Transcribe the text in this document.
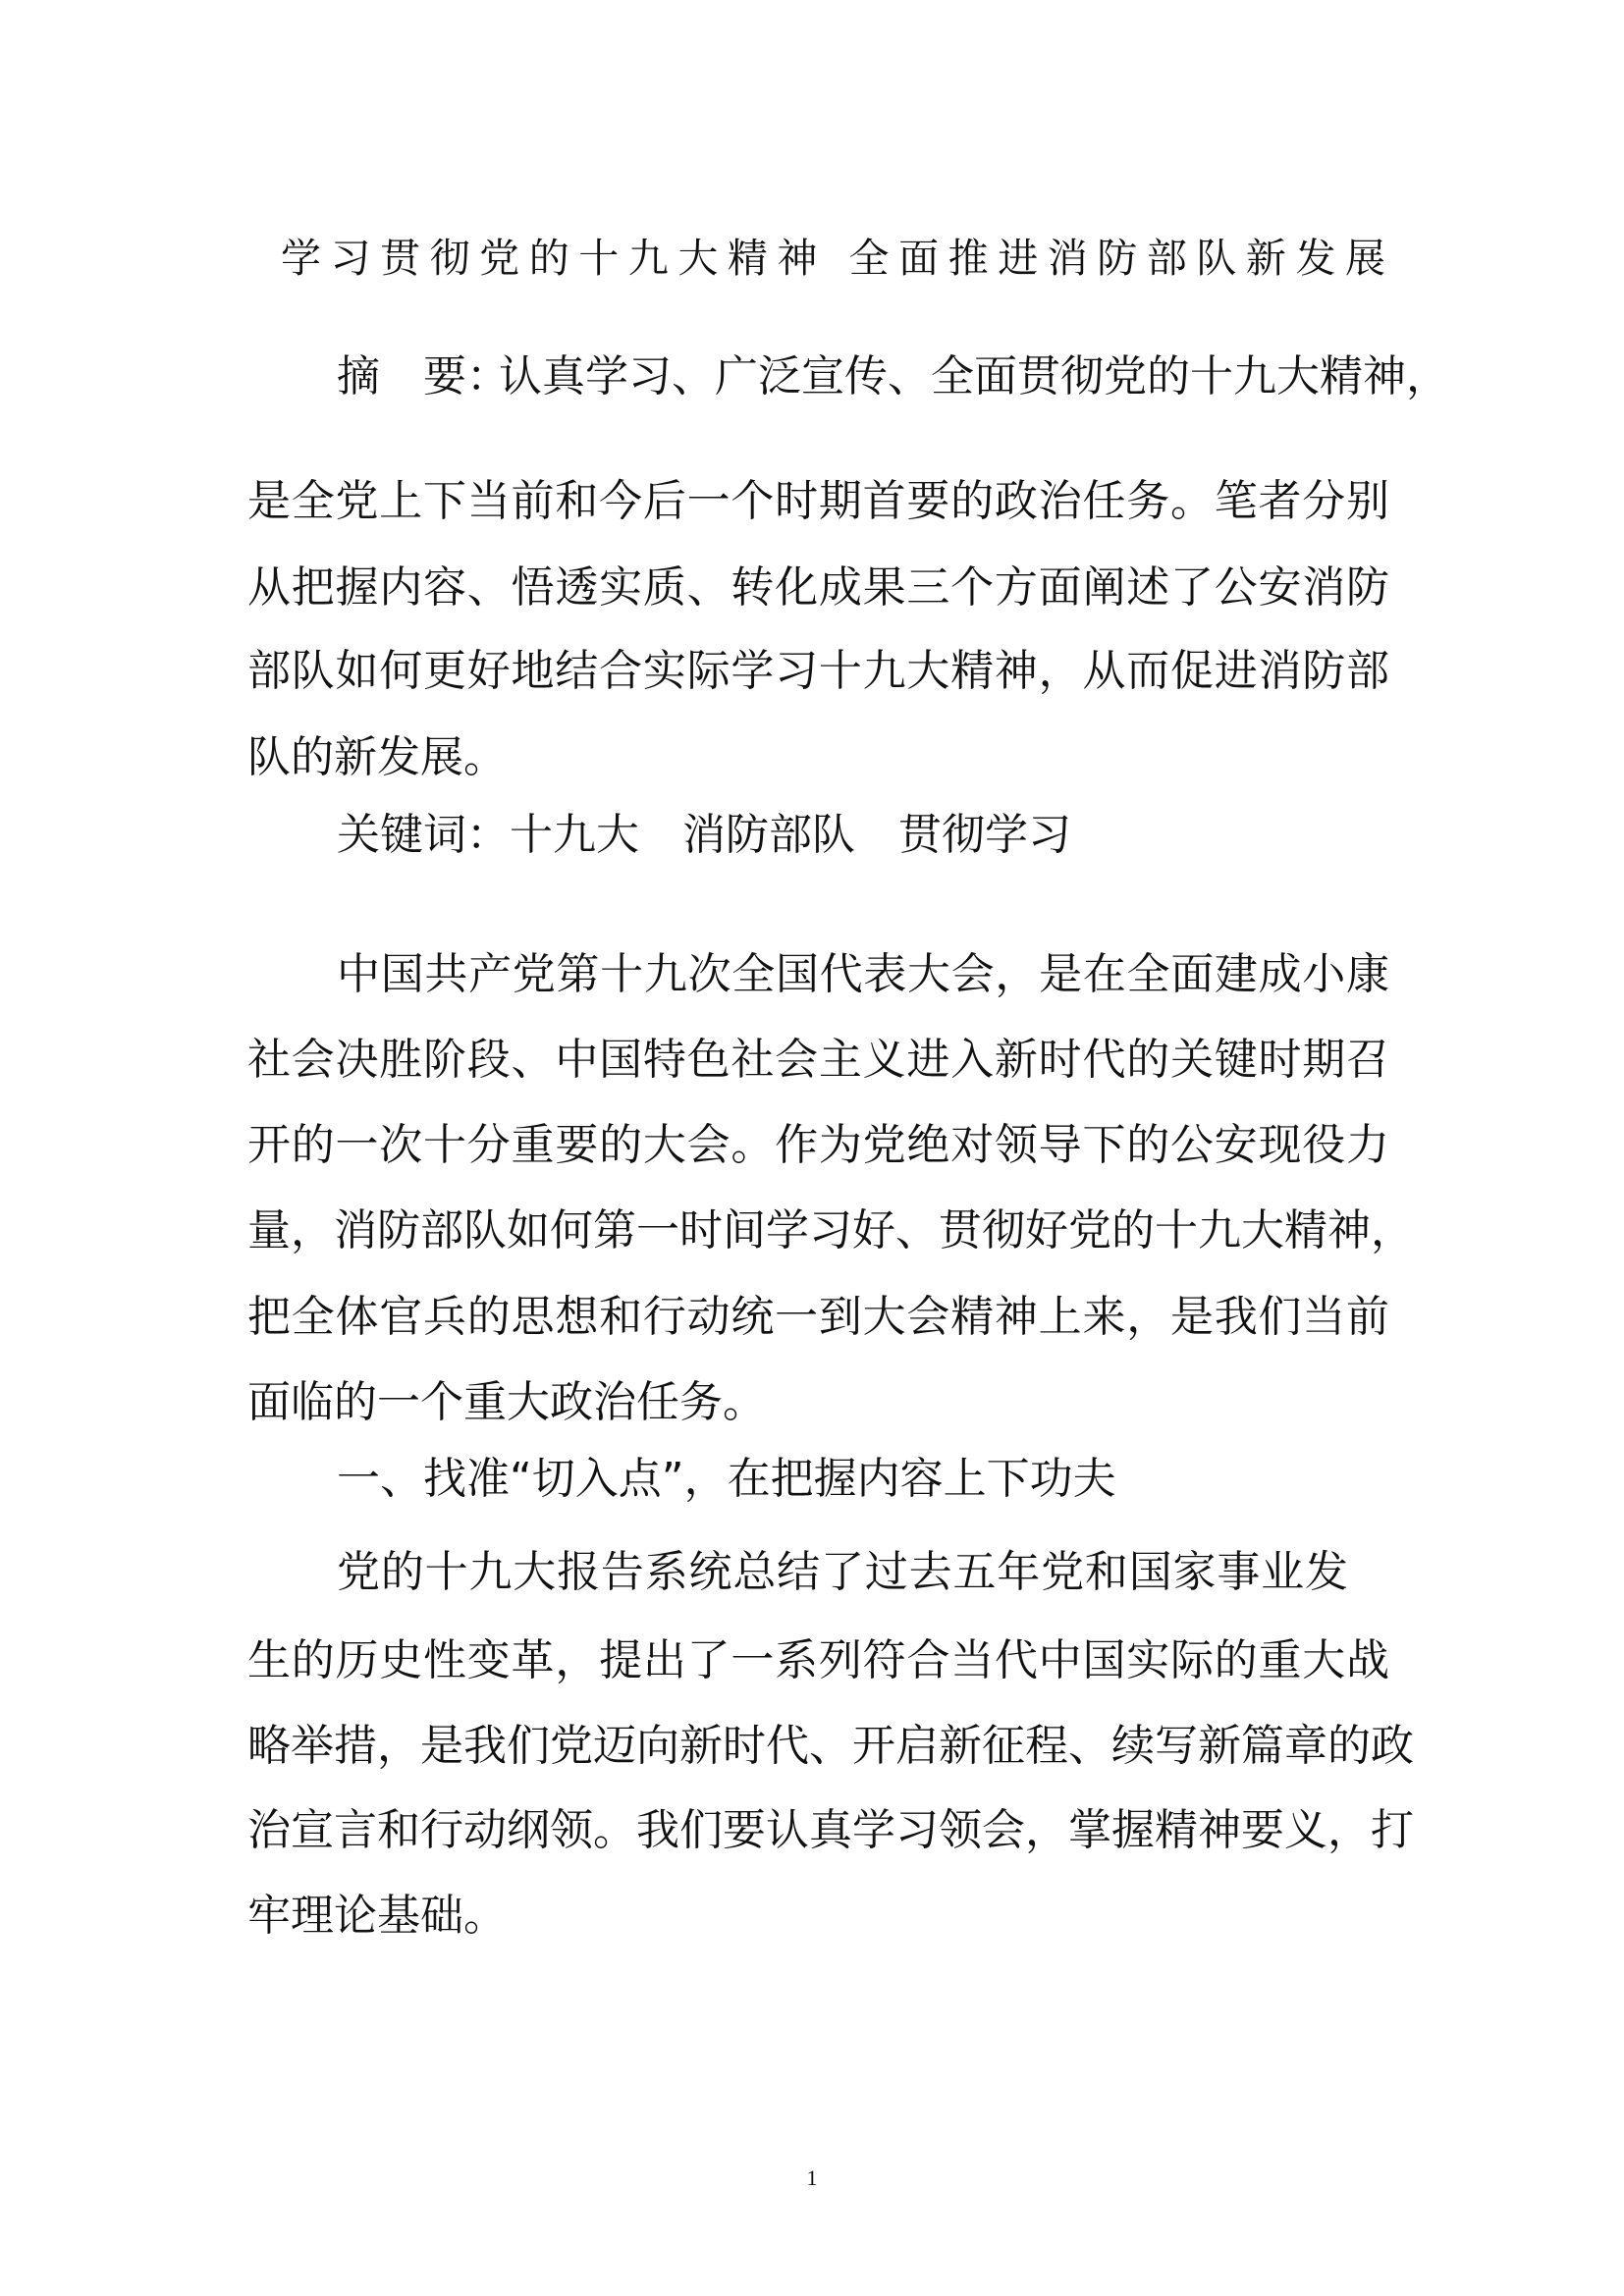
学习贯彻党的十九大精神 全面推进消防部队新发展
摘　要：
认真学习、广泛宣传、全面贯彻党的十九大精神，
是全党上下当前和今后一个时期首要的政治任务。笔者分别
从把握内容、悟透实质、转化成果三个方面阐述了公安消防
部队如何更好地结合实际学习十九大精神，从而促进消防部
队的新发展。
关键词：十九大　消防部队　贯彻学习
中国共产党第十九次全国代表大会，是在全面建成小康
社会决胜阶段、中国特色社会主义进入新时代的关键时期召
开的一次十分重要的大会。作为党绝对领导下的公安现役力
量，消防部队如何第一时间学习好、贯彻好党的十九大精神，
把全体官兵的思想和行动统一到大会精神上来，是我们当前
面临的一个重大政治任务。
一、找准“切入点”，在把握内容上下功夫
党的十九大报告系统总结了过去五年党和国家事业发
生的历史性变革，提出了一系列符合当代中国实际的重大战
略举措，是我们党迈向新时代、开启新征程、续写新篇章的政
治宣言和行动纲领。我们要认真学习领会，掌握精神要义，打
牢理论基础。
1
